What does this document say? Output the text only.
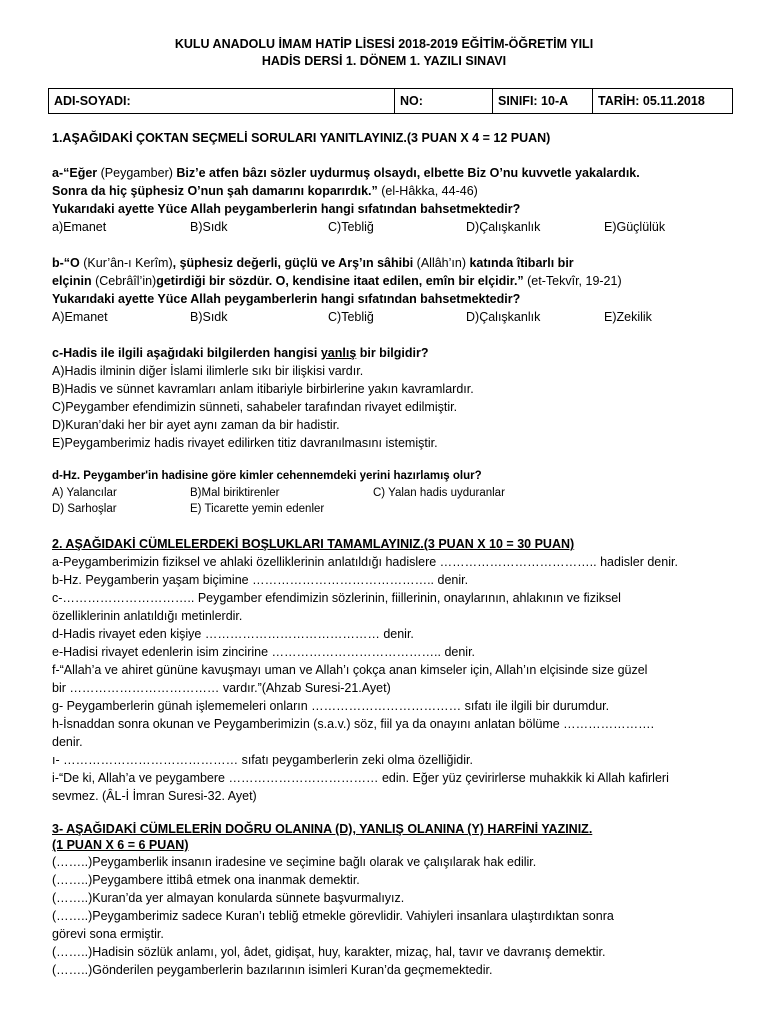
KULU ANADOLU İMAM HATİP LİSESİ 2018-2019 EĞİTİM-ÖĞRETİM YILI
HADİS DERSİ 1. DÖNEM 1. YAZILI SINAVI
ADI-SOYADI:	NO:	SINIFI: 10-A	TARİH: 05.11.2018
1.AŞAĞIDAKİ ÇOKTAN SEÇMELİ SORULARI YANITLAYINIZ.(3 PUAN X 4 = 12 PUAN)
a-“Eğer (Peygamber) Biz’e atfen bâzı sözler uydurmuş olsaydı, elbette Biz O’nu kuvvetle yakalardık.
Sonra da hiç şüphesiz O’nun şah damarını koparırdık.” (el-Hâkka, 44-46)
Yukarıdaki ayette Yüce Allah peygamberlerin hangi sıfatından bahsetmektedir?
a)Emanet	B)Sıdk	C)Tebliğ	D)Çalışkanlık	E)Güçlülük
b-“O (Kur’ân-ı Kerîm), şüphesiz değerli, güçlü ve Arş’ın sâhibi (Allâh’ın) katında îtibarlı bir
elçinin (Cebrâîl’in)getirdiği bir sözdür. O, kendisine itaat edilen, emîn bir elçidir.” (et-Tekvîr, 19-21)
Yukarıdaki ayette Yüce Allah peygamberlerin hangi sıfatından bahsetmektedir?
A)Emanet	B)Sıdk	C)Tebliğ	D)Çalışkanlık	E)Zekilik
c-Hadis ile ilgili aşağıdaki bilgilerden hangisi yanlış bir bilgidir?
A)Hadis ilminin diğer İslami ilimlerle sıkı bir ilişkisi vardır.
B)Hadis ve sünnet kavramları anlam itibariyle birbirlerine yakın kavramlardır.
C)Peygamber efendimizin sünneti, sahabeler tarafından rivayet edilmiştir.
D)Kuran’daki her bir ayet aynı zaman da bir hadistir.
E)Peygamberimiz hadis rivayet edilirken titiz davranılmasını istemiştir.
d-Hz. Peygamber'in hadisine göre kimler cehennemdeki yerini hazırlamış olur?
A) Yalancılar	B)Mal biriktirenler	C) Yalan hadis uyduranlar
D) Sarhoşlar	E) Ticarette yemin edenler
2. AŞAĞIDAKİ CÜMLELERDEKİ BOŞLUKLARI TAMAMLAYINIZ.(3 PUAN X 10 = 30 PUAN)
a-Peygamberimizin fiziksel ve ahlaki özelliklerinin anlatıldığı hadislere ……………………………….. hadisler denir.
b-Hz. Peygamberin yaşam biçimine …………………………………….. denir.
c-………………………….. Peygamber efendimizin sözlerinin, fiillerinin, onaylarının, ahlakının ve fiziksel
özelliklerinin anlatıldığı metinlerdir.
d-Hadis rivayet eden kişiye …………………………………… denir.
e-Hadisi rivayet edenlerin isim zincirine ………………………………….. denir.
f-“Allah’a ve ahiret gününe kavuşmayı uman ve Allah’ı çokça anan kimseler için, Allah’ın elçisinde size güzel
bir ……………………………… vardır.”(Ahzab Suresi-21.Ayet)
g- Peygamberlerin günah işlememeleri onların ……………………………… sıfatı ile ilgili bir durumdur.
h-İsnaddan sonra okunan ve Peygamberimizin (s.a.v.) söz, fiil ya da onayını anlatan bölüme ………………….
denir.
ı- …………………………………… sıfatı peygamberlerin zeki olma özelliğidir.
i-“De ki, Allah’a ve peygambere ……………………………… edin. Eğer yüz çevirirlerse muhakkik ki Allah kafirleri
sevmez. (ÂL-İ İmran Suresi-32. Ayet)
3- AŞAĞIDAKİ CÜMLELERİN DOĞRU OLANINA (D), YANLIŞ OLANINA (Y) HARFİNİ YAZINIZ.
(1 PUAN X 6 = 6 PUAN)
(……..)Peygamberlik insanın iradesine ve seçimine bağlı olarak ve çalışılarak hak edilir.
(……..)Peygambere ittibâ etmek ona inanmak demektir.
(……..)Kuran’da yer almayan konularda sünnete başvurmalıyız.
(……..)Peygamberimiz sadece Kuran’ı tebliğ etmekle görevlidir. Vahiyleri insanlara ulaştırdıktan sonra
görevi sona ermiştir.
(……..)Hadisin sözlük anlamı, yol, âdet, gidişat, huy, karakter, mizaç, hal, tavır ve davranış demektir.
(……..)Gönderilen peygamberlerin bazılarının isimleri Kuran’da geçmemektedir.
